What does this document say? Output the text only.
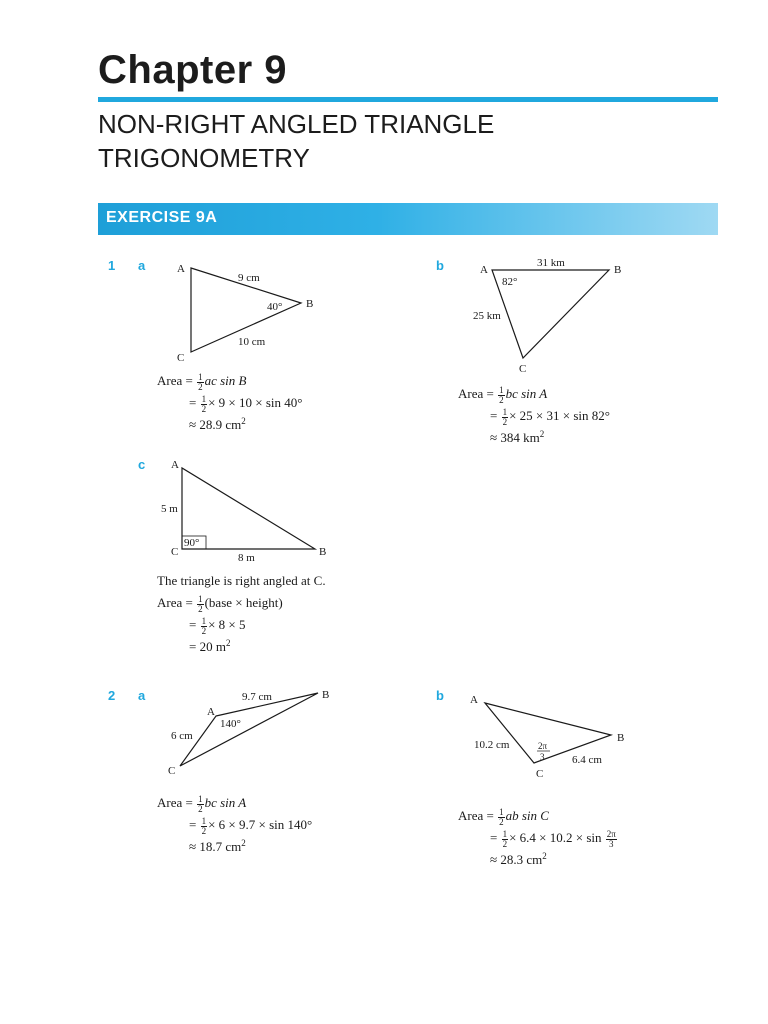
Chapter 9
NON-RIGHT ANGLED TRIANGLE
TRIGONOMETRY
EXERCISE 9A
1 a	b
c
2 a	b
A
B
C
9 cm
10 cm
40°
A	B
C
31 km
25 km
82°
A
B
C
5 m
8 m
90°
A
B
C
9.7 cm
6 cm
140°
A
B
C
10.2 cm
6.4 cm
2π
3
Area = $\frac{1}{2}$ ac sin B
= $\frac{1}{2} \times 9 \times 10 \times \sin 40^\circ$
≈ 28.9 $cm^2$
Area = $\frac{1}{2}$ bc sin A
= $\frac{1}{2} \times 25 \times 31 \times \sin 82^\circ$
≈ 384 $km^2$
The triangle is right angled at C.
Area = $\frac{1}{2}$ (base × height)
= $\frac{1}{2} \times 8 \times 5$
= 20 $m^2$
Area = $\frac{1}{2}$ bc sin A
= $\frac{1}{2} \times 6 \times 9.7 \times \sin 140^\circ$
≈ 18.7 $cm^2$
Area = $\frac{1}{2}$ ab sin C
= $\frac{1}{2} \times 6.4 \times 10.2 \times \sin \frac{2\pi}{3}$
≈ 28.3 $cm^2$
